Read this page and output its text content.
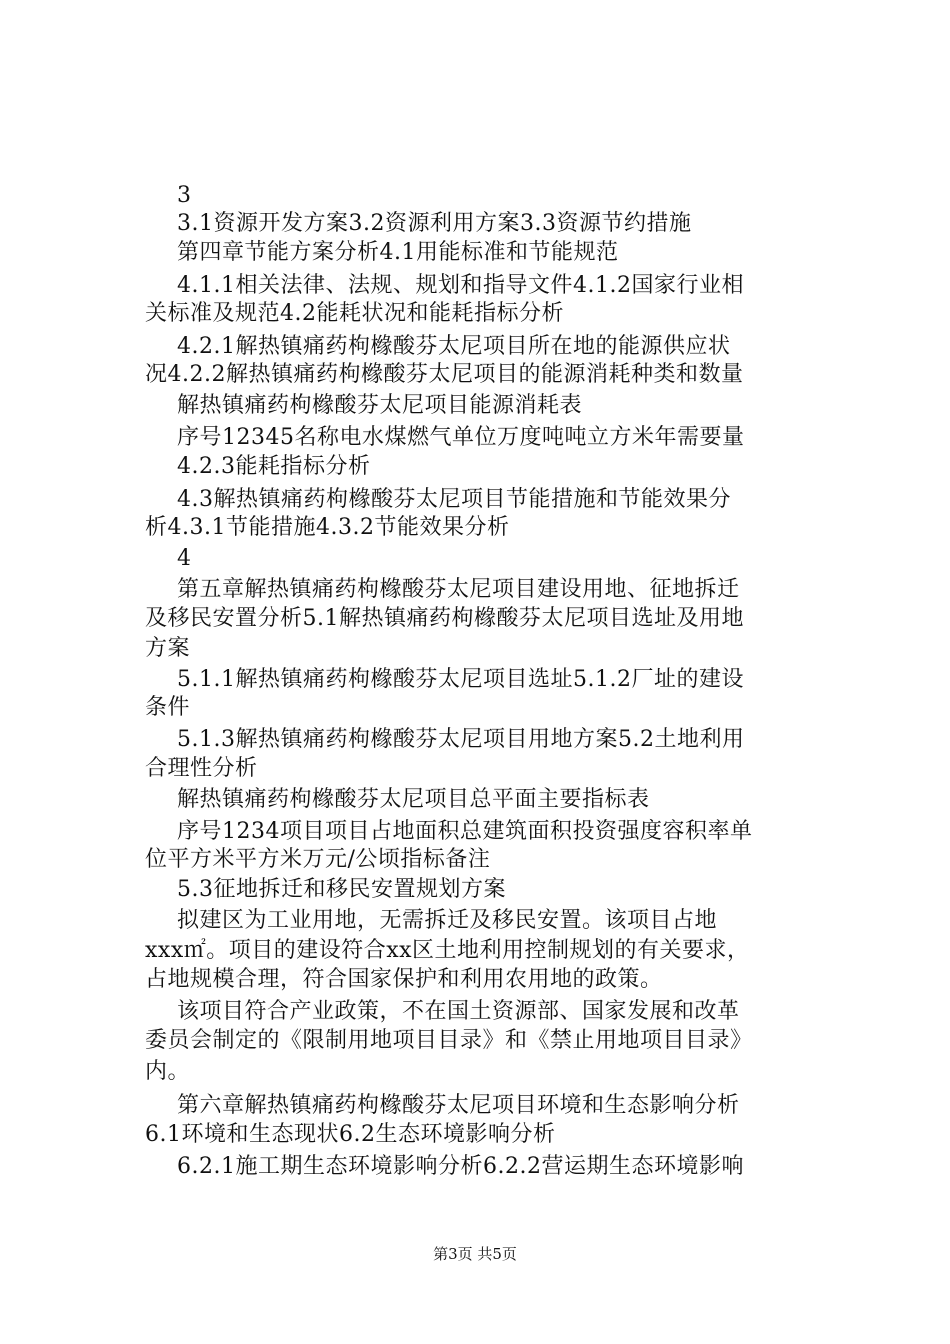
3
3.1资源开发方案3.2资源利用方案3.3资源节约措施
第四章节能方案分析4.1用能标准和节能规范
4.1.1相关法律、法规、规划和指导文件4.1.2国家行业相
关标准及规范4.2能耗状况和能耗指标分析
4.2.1解热镇痛药枸橼酸芬太尼项目所在地的能源供应状
况4.2.2解热镇痛药枸橼酸芬太尼项目的能源消耗种类和数量
解热镇痛药枸橼酸芬太尼项目能源消耗表
序号12345名称电水煤燃气单位万度吨吨立方米年需要量
4.2.3能耗指标分析
4.3解热镇痛药枸橼酸芬太尼项目节能措施和节能效果分
析4.3.1节能措施4.3.2节能效果分析
4
第五章解热镇痛药枸橼酸芬太尼项目建设用地、征地拆迁
及移民安置分析5.1解热镇痛药枸橼酸芬太尼项目选址及用地
方案
5.1.1解热镇痛药枸橼酸芬太尼项目选址5.1.2厂址的建设
条件
5.1.3解热镇痛药枸橼酸芬太尼项目用地方案5.2土地利用
合理性分析
解热镇痛药枸橼酸芬太尼项目总平面主要指标表
序号1234项目项目占地面积总建筑面积投资强度容积率单
位平方米平方米万元/公顷指标备注
5.3征地拆迁和移民安置规划方案
拟建区为工业用地，无需拆迁及移民安置。该项目占地
xxx㎡。项目的建设符合xx区土地利用控制规划的有关要求，
占地规模合理，符合国家保护和利用农用地的政策。
该项目符合产业政策，不在国土资源部、国家发展和改革
委员会制定的《限制用地项目目录》和《禁止用地项目目录》
内。
第六章解热镇痛药枸橼酸芬太尼项目环境和生态影响分析
6.1环境和生态现状6.2生态环境影响分析
6.2.1施工期生态环境影响分析6.2.2营运期生态环境影响
第3页 共5页
